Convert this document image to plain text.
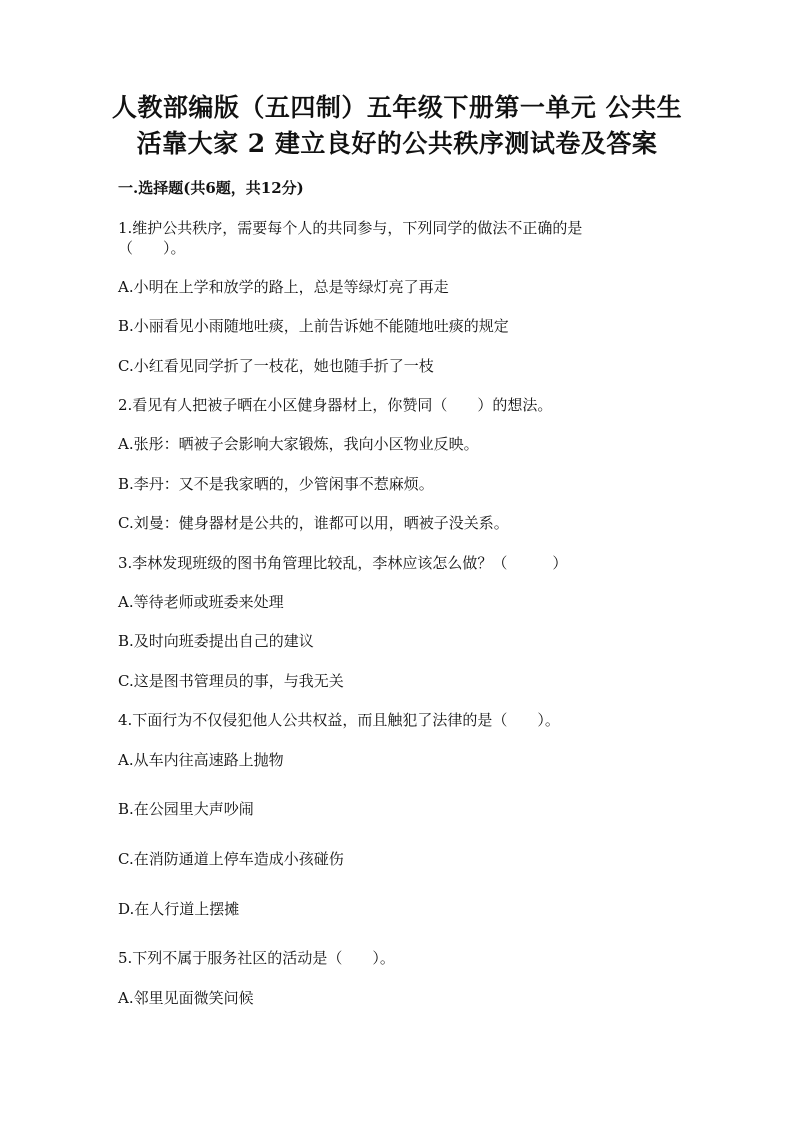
人教部编版（五四制）五年级下册第一单元 公共生
活靠大家 2 建立良好的公共秩序测试卷及答案
一.选择题(共6题，共12分)
1.维护公共秩序，需要每个人的共同参与，下列同学的做法不正确的是
（　　）。
A.小明在上学和放学的路上，总是等绿灯亮了再走
B.小丽看见小雨随地吐痰，上前告诉她不能随地吐痰的规定
C.小红看见同学折了一枝花，她也随手折了一枝
2.看见有人把被子晒在小区健身器材上，你赞同（　　）的想法。
A.张彤：晒被子会影响大家锻炼，我向小区物业反映。
B.李丹：又不是我家晒的，少管闲事不惹麻烦。
C.刘曼：健身器材是公共的，谁都可以用，晒被子没关系。
3.李林发现班级的图书角管理比较乱，李林应该怎么做？（　　　）
A.等待老师或班委来处理
B.及时向班委提出自己的建议
C.这是图书管理员的事，与我无关
4.下面行为不仅侵犯他人公共权益，而且触犯了法律的是（　　）。
A.从车内往高速路上抛物
B.在公园里大声吵闹
C.在消防通道上停车造成小孩碰伤
D.在人行道上摆摊
5.下列不属于服务社区的活动是（　　）。
A.邻里见面微笑问候
